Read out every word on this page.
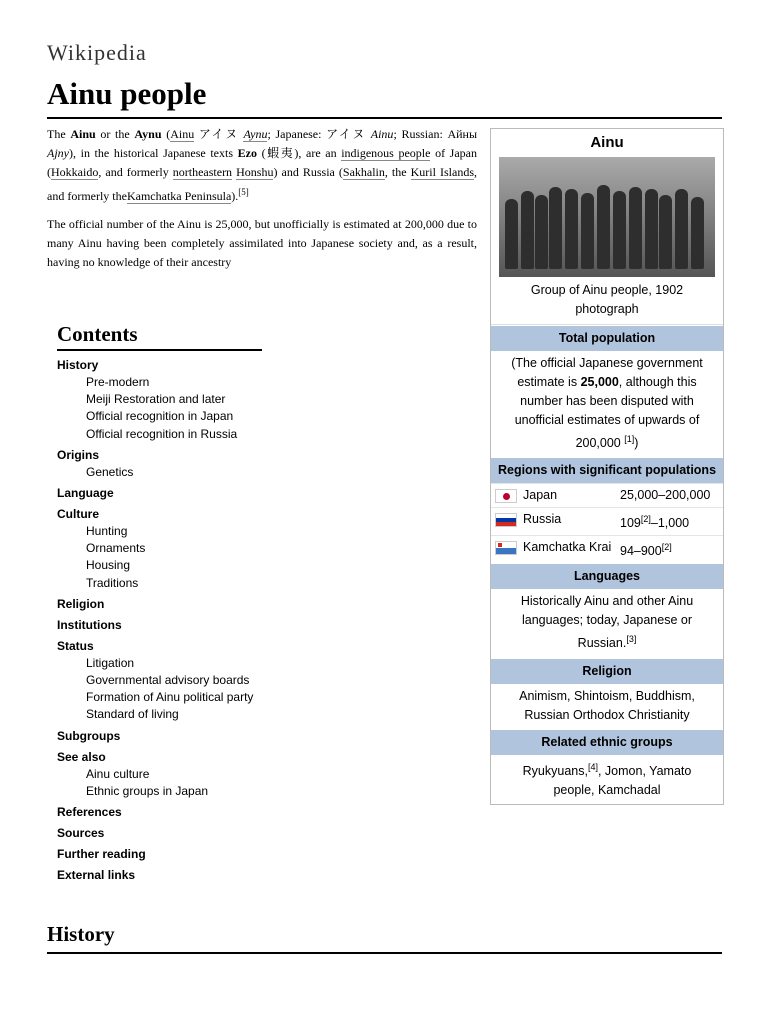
Wikipedia
Ainu people

The Ainu or the Aynu (Ainu アイヌ Aynu; Japanese: アイヌ Ainu; Russian: Айны Ajny), in the historical Japanese texts Ezo (蝦夷), are an indigenous people of Japan (Hokkaido, and formerly northeastern Honshu) and Russia (Sakhalin, the Kuril Islands, and formerly theKamchatka Peninsula).[5]

The official number of the Ainu is 25,000, but unofficially is estimated at 200,000 due to many Ainu having been completely assimilated into Japanese society and, as a result, having no knowledge of their ancestry

Contents
History
Pre-modern
Meiji Restoration and later
Official recognition in Japan
Official recognition in Russia
Origins
Genetics
Language
Culture
Hunting
Ornaments
Housing
Traditions
Religion
Institutions
Status
Litigation
Governmental advisory boards
Formation of Ainu political party
Standard of living
Subgroups
See also
Ainu culture
Ethnic groups in Japan
References
Sources
Further reading
External links
History
Ainu
Group of Ainu people, 1902 photograph
Total population
(The official Japanese government estimate is 25,000, although this number has been disputed with unofficial estimates of upwards of 200,000 [1])
Regions with significant populations
Japan	25,000–200,000
Russia	109[2]–1,000
Kamchatka Krai 94–900[2]
Languages
Historically Ainu and other Ainu languages; today, Japanese or Russian.[3]
Religion
Animism, Shintoism, Buddhism, Russian Orthodox Christianity
Related ethnic groups
Ryukyuans,[4], Jomon, Yamato people, Kamchadal
